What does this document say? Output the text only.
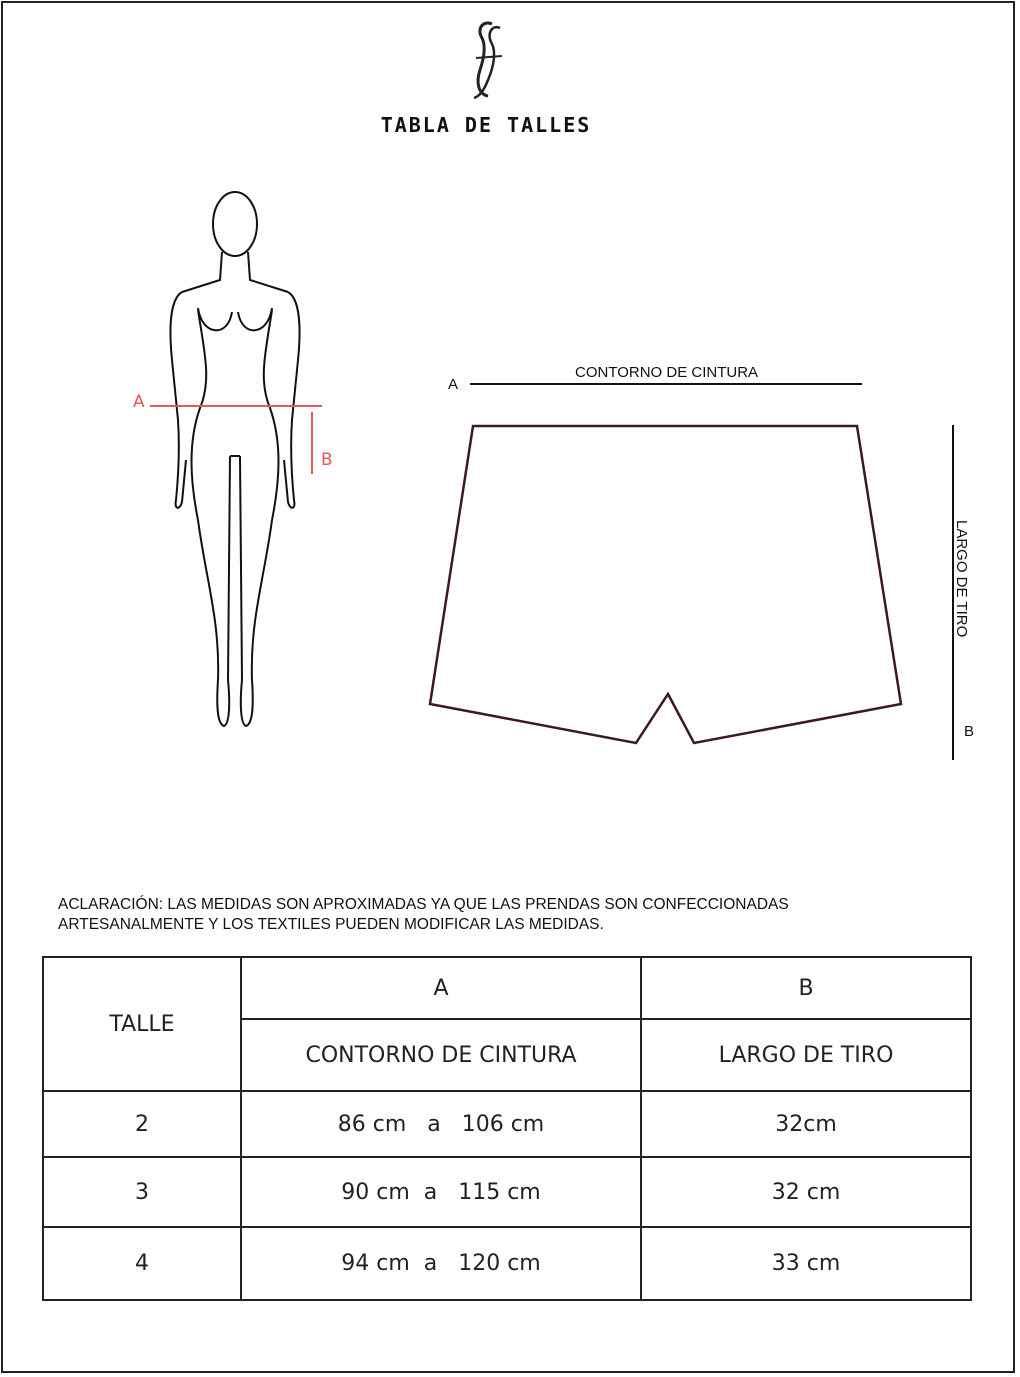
TABLA DE TALLES
A
B
A
CONTORNO DE CINTURA
LARGO DE TIRO
B
ACLARACIÓN: LAS MEDIDAS SON APROXIMADAS YA QUE LAS PRENDAS SON CONFECCIONADAS
ARTESANALMENTE Y LOS TEXTILES PUEDEN MODIFICAR LAS MEDIDAS.
TALLE	A	B
	CONTORNO DE CINTURA	LARGO DE TIRO
2	86 cm   a   106 cm	32cm
3	90 cm  a   115 cm	32 cm
4	94 cm  a   120 cm	33 cm
